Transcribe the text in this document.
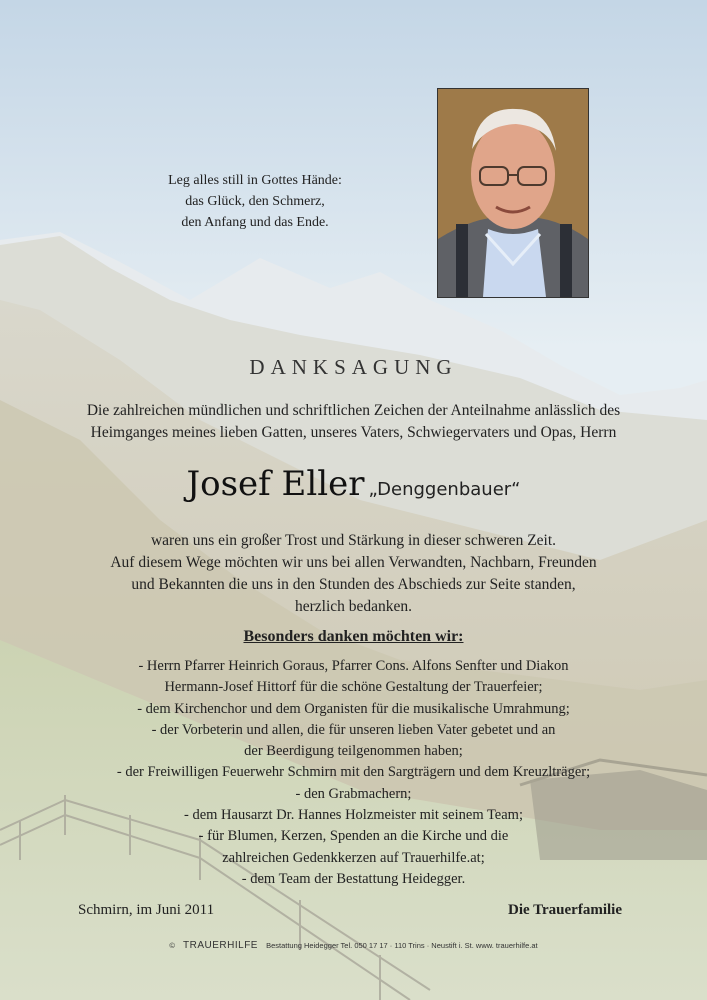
Leg alles still in Gottes Hände:
das Glück, den Schmerz,
den Anfang und das Ende.
DANKSAGUNG
Die zahlreichen mündlichen und schriftlichen Zeichen der Anteilnahme anlässlich des
Heimganges meines lieben Gatten, unseres Vaters, Schwiegervaters und Opas, Herrn
Josef Eller „Denggenbauer“
waren uns ein großer Trost und Stärkung in dieser schweren Zeit.
Auf diesem Wege möchten wir uns bei allen Verwandten, Nachbarn, Freunden
und Bekannten die uns in den Stunden des Abschieds zur Seite standen,
herzlich bedanken.
Besonders danken möchten wir:
- Herrn Pfarrer Heinrich Goraus, Pfarrer Cons. Alfons Senfter und Diakon
Hermann-Josef Hittorf für die schöne Gestaltung der Trauerfeier;
- dem Kirchenchor und dem Organisten für die musikalische Umrahmung;
- der Vorbeterin und allen, die für unseren lieben Vater gebetet und an
der Beerdigung teilgenommen haben;
- der Freiwilligen Feuerwehr Schmirn mit den Sargträgern und dem Kreuzlträger;
- den Grabmachern;
- dem Hausarzt Dr. Hannes Holzmeister mit seinem Team;
- für Blumen, Kerzen, Spenden an die Kirche und die
zahlreichen Gedenkkerzen auf Trauerhilfe.at;
- dem Team der Bestattung Heidegger.
Schmirn, im Juni 2011	Die Trauerfamilie
© TRAUERHILFE Bestattung Heidegger Tel. 050 17 17 · 110 Trins · Neustift i. St. www. trauerhilfe.at
